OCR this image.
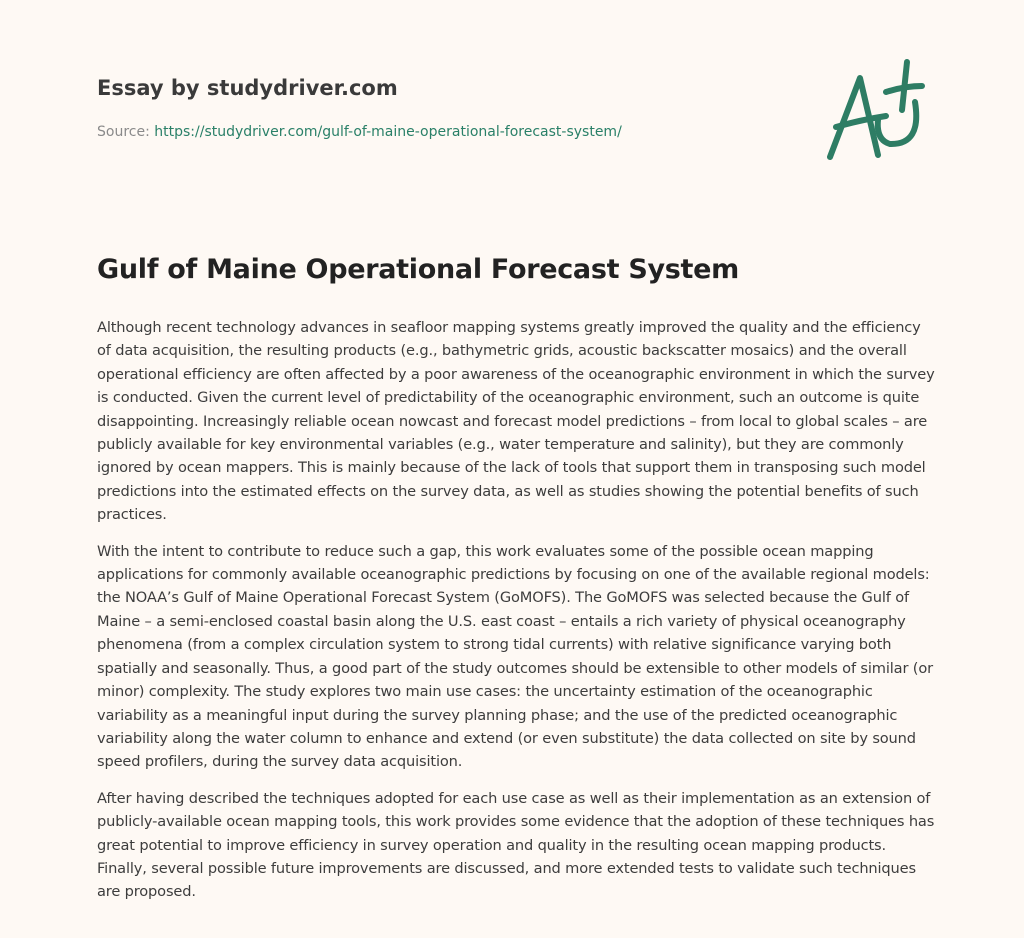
Essay by studydriver.com
Source: https://studydriver.com/gulf-of-maine-operational-forecast-system/
Gulf of Maine Operational Forecast System

Although recent technology advances in seafloor mapping systems greatly improved the quality and the efficiency of data acquisition, the resulting products (e.g., bathymetric grids, acoustic backscatter mosaics) and the overall operational efficiency are often affected by a poor awareness of the oceanographic environment in which the survey is conducted. Given the current level of predictability of the oceanographic environment, such an outcome is quite disappointing. Increasingly reliable ocean nowcast and forecast model predictions – from local to global scales – are publicly available for key environmental variables (e.g., water temperature and salinity), but they are commonly ignored by ocean mappers. This is mainly because of the lack of tools that support them in transposing such model predictions into the estimated effects on the survey data, as well as studies showing the potential benefits of such practices.

With the intent to contribute to reduce such a gap, this work evaluates some of the possible ocean mapping applications for commonly available oceanographic predictions by focusing on one of the available regional models: the NOAA’s Gulf of Maine Operational Forecast System (GoMOFS). The GoMOFS was selected because the Gulf of Maine – a semi-enclosed coastal basin along the U.S. east coast – entails a rich variety of physical oceanography phenomena (from a complex circulation system to strong tidal currents) with relative significance varying both spatially and seasonally. Thus, a good part of the study outcomes should be extensible to other models of similar (or minor) complexity. The study explores two main use cases: the uncertainty estimation of the oceanographic variability as a meaningful input during the survey planning phase; and the use of the predicted oceanographic variability along the water column to enhance and extend (or even substitute) the data collected on site by sound speed profilers, during the survey data acquisition.

After having described the techniques adopted for each use case as well as their implementation as an extension of publicly-available ocean mapping tools, this work provides some evidence that the adoption of these techniques has great potential to improve efficiency in survey operation and quality in the resulting ocean mapping products. Finally, several possible future improvements are discussed, and more extended tests to validate such techniques are proposed.
